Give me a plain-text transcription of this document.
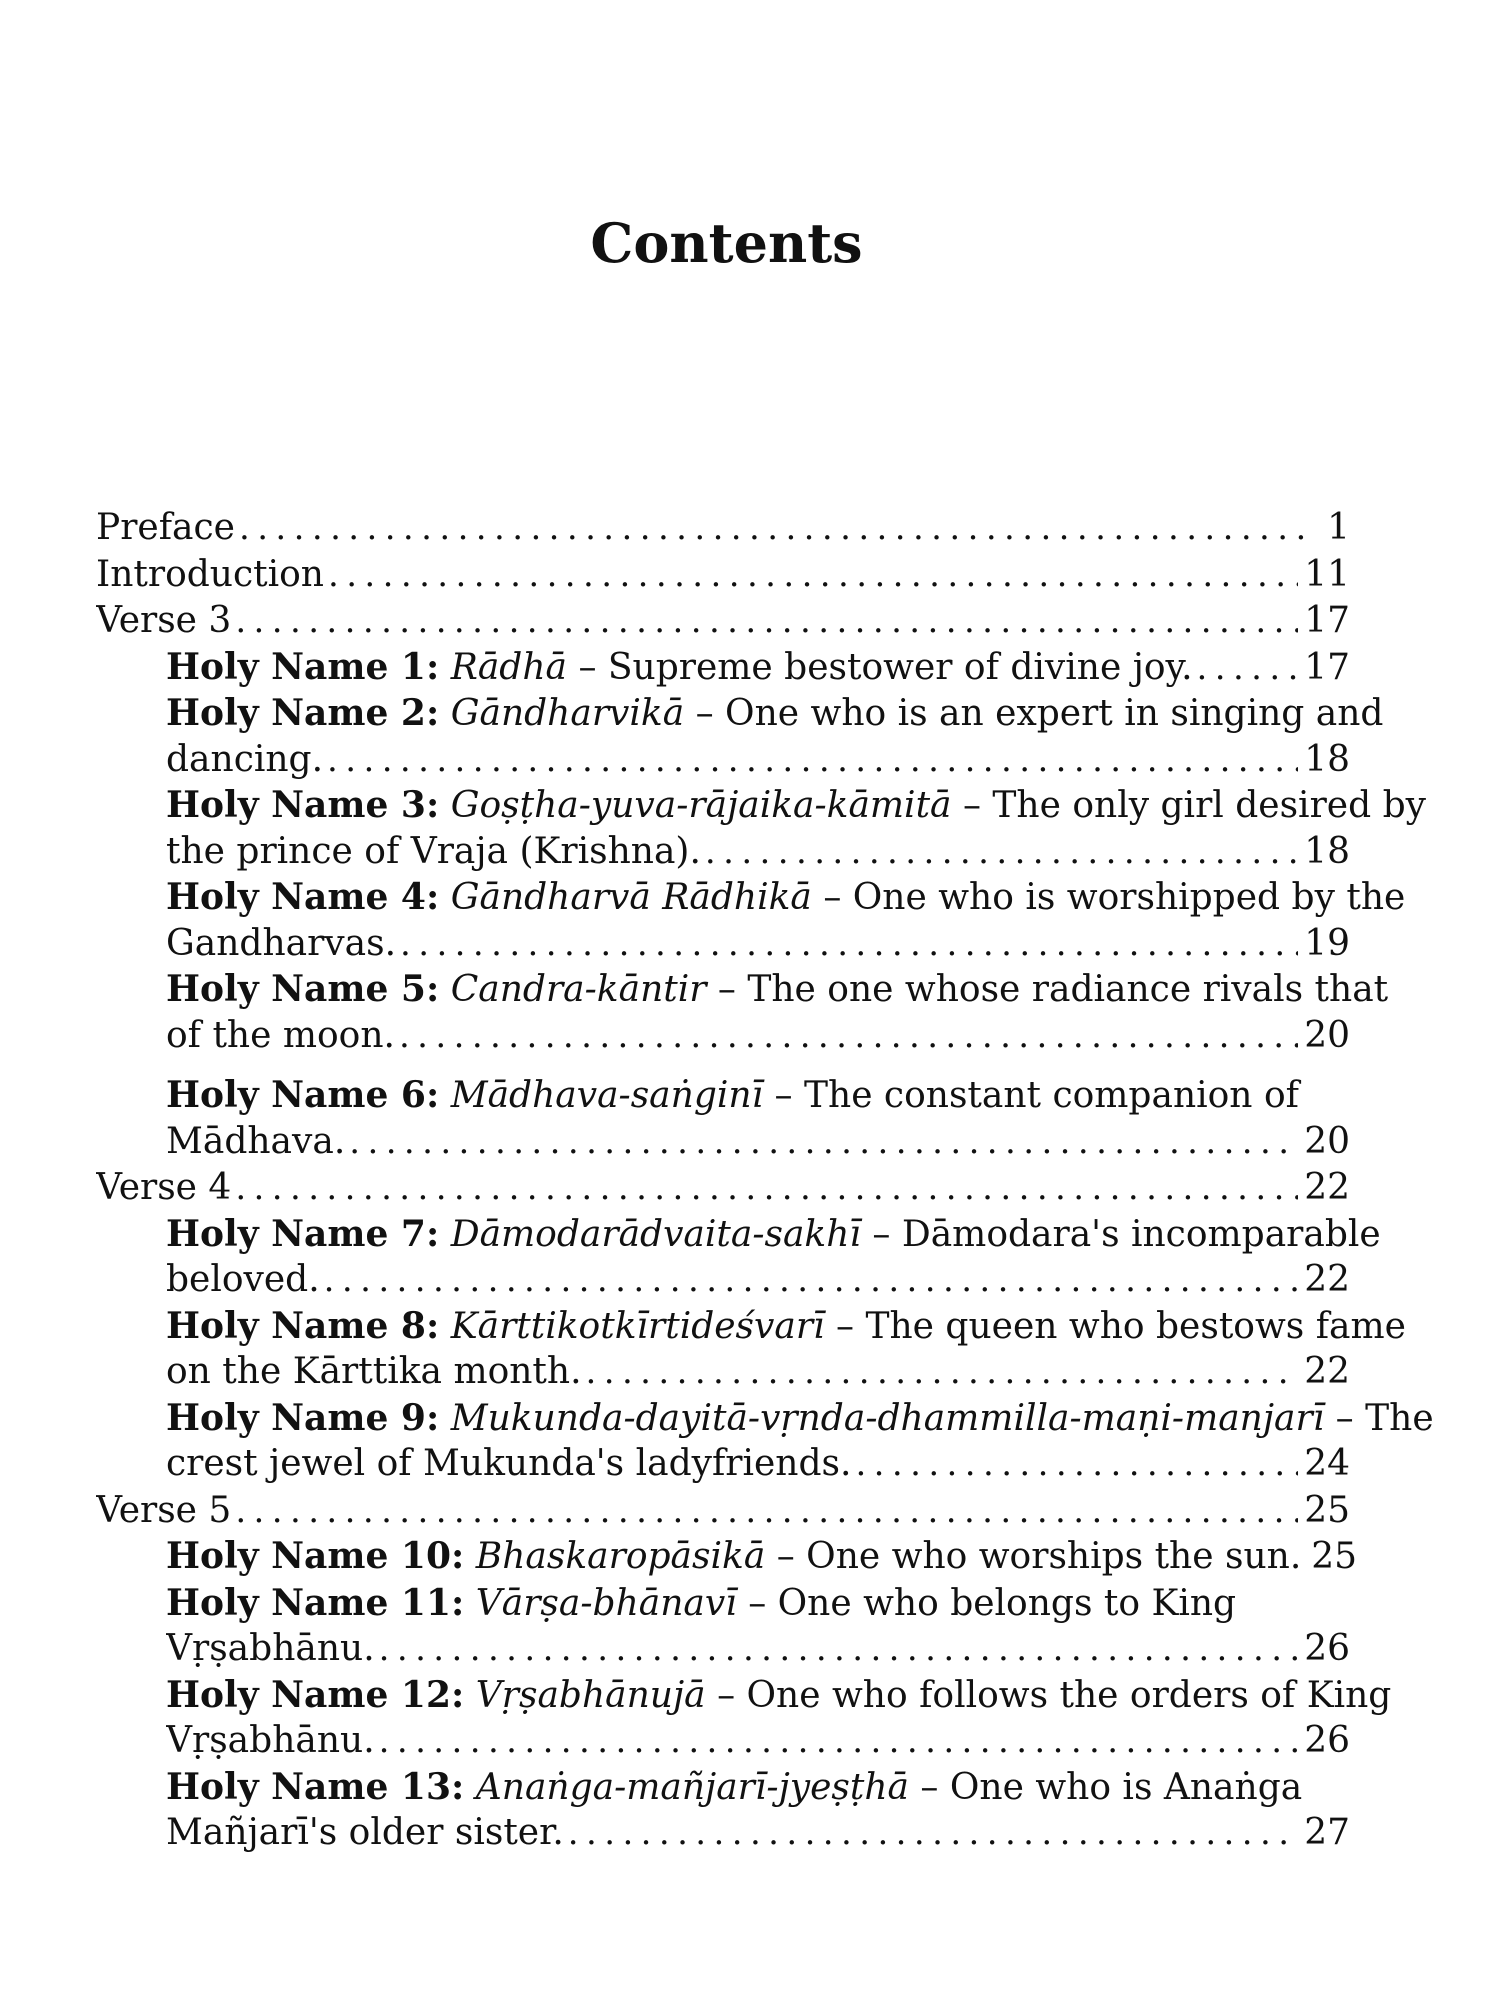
Contents
Preface . . .	1
Introduction . . .	11
Verse 3 . . .	17
Holy Name 1: Rādhā – Supreme bestower of divine joy. . . .	17
Holy Name 2: Gāndharvikā – One who is an expert in singing and
dancing. . . .	18
Holy Name 3: Goṣṭha-yuva-rājaika-kāmitā – The only girl desired by
the prince of Vraja (Krishna). . . .	18
Holy Name 4: Gāndharvā Rādhikā – One who is worshipped by the
Gandharvas. . . .	19
Holy Name 5: Candra-kāntir – The one whose radiance rivals that
of the moon. . . .	20
Holy Name 6: Mādhava-saṅginī – The constant companion of
Mādhava. . . .	20
Verse 4 . . .	22
Holy Name 7: Dāmodarādvaita-sakhī – Dāmodara's incomparable
beloved. . . .	22
Holy Name 8: Kārttikotkīrtideśvarī – The queen who bestows fame
on the Kārttika month. . . .	22
Holy Name 9: Mukunda-dayitā-vṛnda-dhammilla-maṇi-manjarī – The
crest jewel of Mukunda's ladyfriends. . . .	24
Verse 5 . . .	25
Holy Name 10: Bhaskaropāsikā – One who worships the sun. 25
Holy Name 11: Vārṣa-bhānavī – One who belongs to King
Vṛṣabhānu. . . .	26
Holy Name 12: Vṛṣabhānujā – One who follows the orders of King
Vṛṣabhānu. . . .	26
Holy Name 13: Anaṅga-mañjarī-jyeṣṭhā – One who is Anaṅga
Mañjarī's older sister. . . .	27
